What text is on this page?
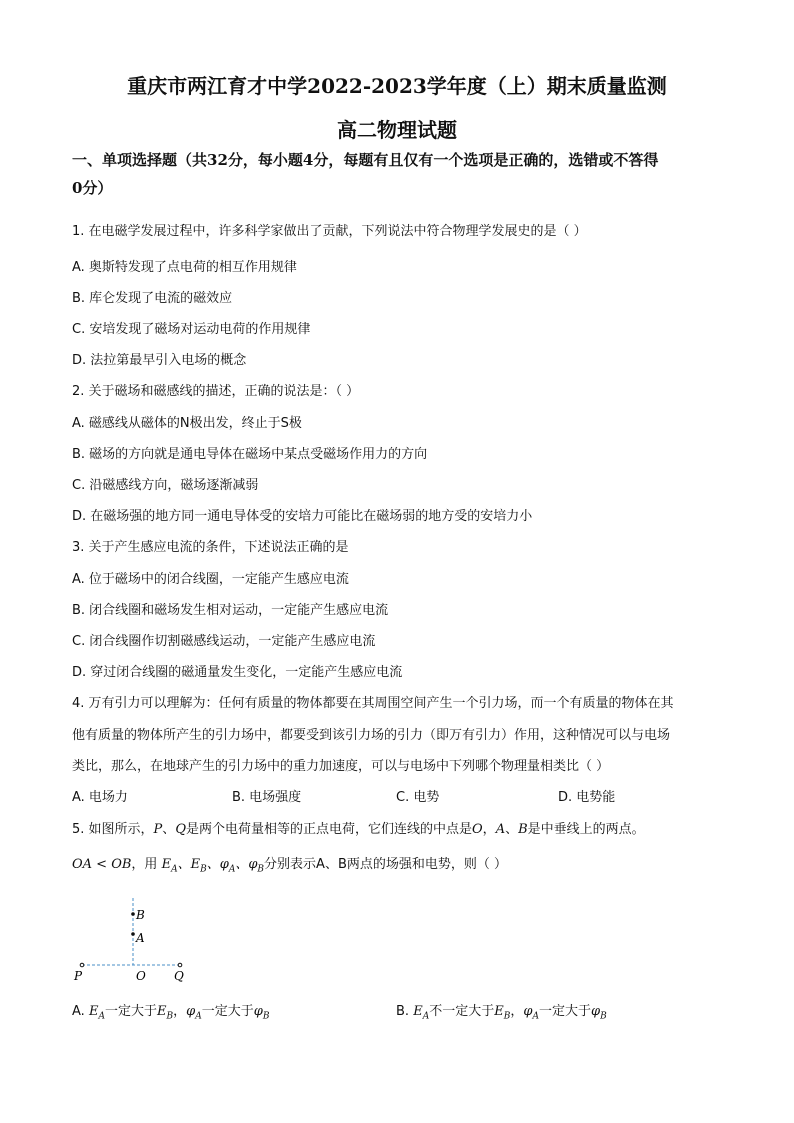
重庆市两江育才中学2022-2023学年度（上）期末质量监测
高二物理试题
一、单项选择题（共32分，每小题4分，每题有且仅有一个选项是正确的，选错或不答得
0分）
1. 在电磁学发展过程中，许多科学家做出了贡献，下列说法中符合物理学发展史的是（ ）
A. 奥斯特发现了点电荷的相互作用规律
B. 库仑发现了电流的磁效应
C. 安培发现了磁场对运动电荷的作用规律
D. 法拉第最早引入电场的概念
2. 关于磁场和磁感线的描述，正确的说法是：（ ）
A. 磁感线从磁体的N极出发，终止于S极
B. 磁场的方向就是通电导体在磁场中某点受磁场作用力的方向
C. 沿磁感线方向，磁场逐渐减弱
D. 在磁场强的地方同一通电导体受的安培力可能比在磁场弱的地方受的安培力小
3. 关于产生感应电流的条件，下述说法正确的是
A. 位于磁场中的闭合线圈，一定能产生感应电流
B. 闭合线圈和磁场发生相对运动，一定能产生感应电流
C. 闭合线圈作切割磁感线运动，一定能产生感应电流
D. 穿过闭合线圈的磁通量发生变化，一定能产生感应电流
4. 万有引力可以理解为：任何有质量的物体都要在其周围空间产生一个引力场，而一个有质量的物体在其
他有质量的物体所产生的引力场中，都要受到该引力场的引力（即万有引力）作用，这种情况可以与电场
类比，那么，在地球产生的引力场中的重力加速度，可以与电场中下列哪个物理量相类比（ ）
A. 电场力	B. 电场强度	C. 电势	D. 电势能
5. 如图所示，P、Q是两个电荷量相等的正点电荷，它们连线的中点是O，A、B是中垂线上的两点。
OA < OB，用 $E_A$、$E_B$、$\varphi_A$、$\varphi_B$分别表示A、B两点的场强和电势，则（ ）
B
A
P	O Q
A. $E_A$一定大于$E_B$，$\varphi_A$一定大于$\varphi_B$	B. $E_A$不一定大于$E_B$，$\varphi_A$一定大于$\varphi_B$
